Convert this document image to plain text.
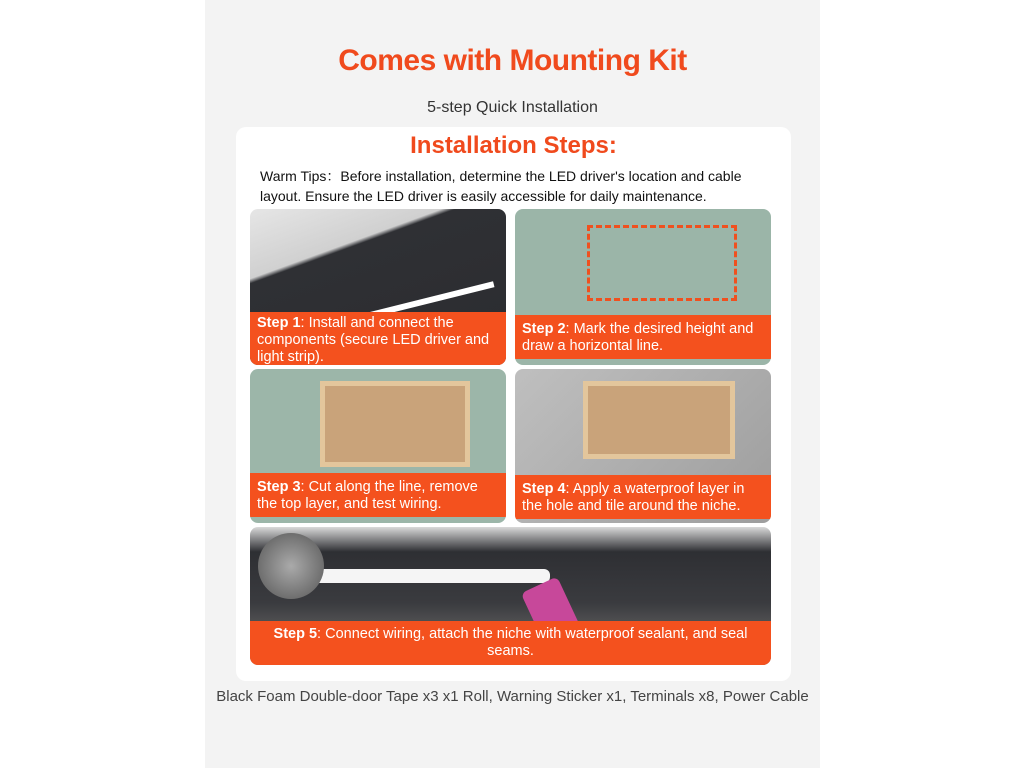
Comes with Mounting Kit
5-step Quick Installation
Installation Steps:
Warm Tips：Before installation, determine the LED driver's location and cable layout. Ensure the LED driver is easily accessible for daily maintenance.
Step 1: Install and connect the components (secure LED driver and light strip).
Step 2: Mark the desired height and draw a horizontal line.
Step 3: Cut along the line, remove the top layer, and test wiring.
Step 4: Apply a waterproof layer in the hole and tile around the niche.
Step 5: Connect wiring, attach the niche with waterproof sealant, and seal seams.
Black Foam Double-door Tape x3 x1 Roll, Warning Sticker x1, Terminals x8, Power Cable
